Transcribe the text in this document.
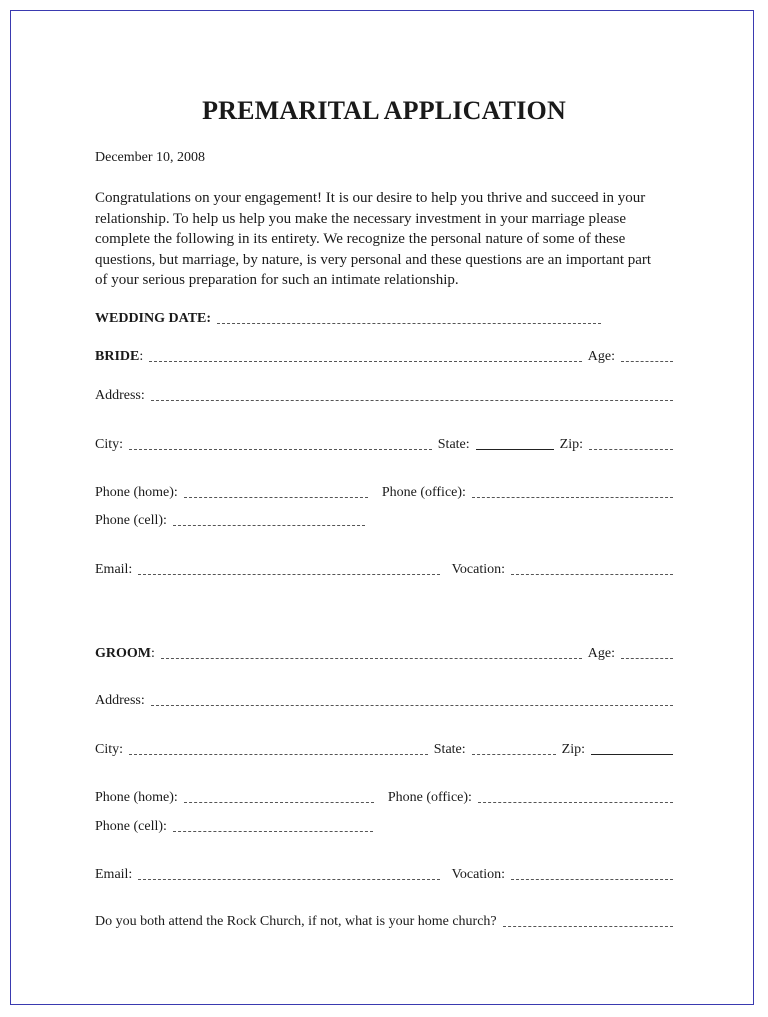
PREMARITAL APPLICATION
December 10, 2008
Congratulations on your engagement! It is our desire to help you thrive and succeed in your
relationship. To help us help you make the necessary investment in your marriage please
complete the following in its entirety. We recognize the personal nature of some of these
questions, but marriage, by nature, is very personal and these questions are an important part
of your serious preparation for such an intimate relationship.
WEDDING DATE:
BRIDE :	Age:
Address:
City:	State:	Zip:
Phone (home):	Phone (office):
Phone (cell):
Email:	Vocation:
GROOM :	Age:
Address:
City:	State:	Zip:
Phone (home):	Phone (office):
Phone (cell):
Email:	Vocation:
Do you both attend the Rock Church, if not, what is your home church?
